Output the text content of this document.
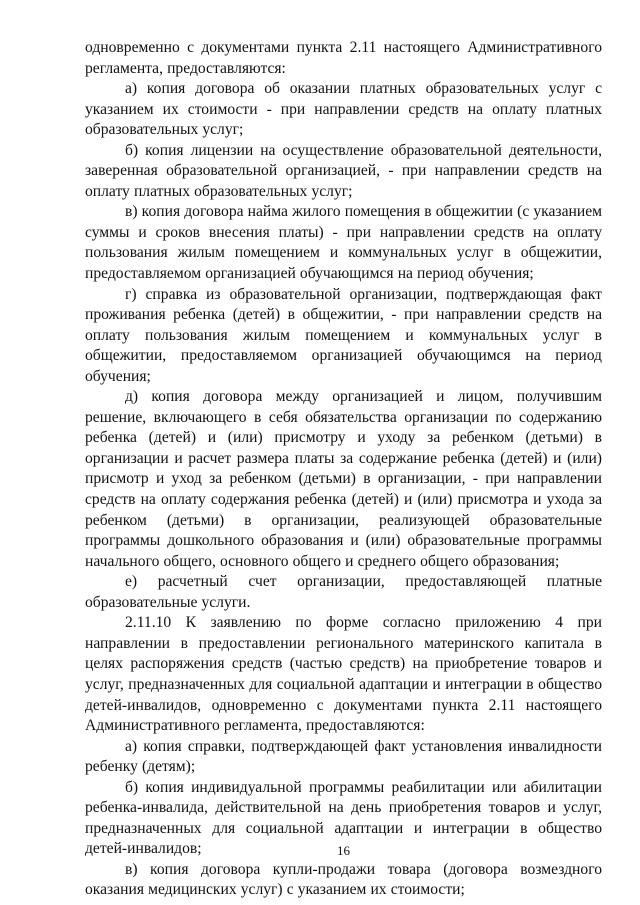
одновременно с документами пункта 2.11 настоящего Административного регламента, предоставляются:

а) копия договора об оказании платных образовательных услуг с указанием их стоимости - при направлении средств на оплату платных образовательных услуг;

б) копия лицензии на осуществление образовательной деятельности, заверенная образовательной организацией, - при направлении средств на оплату платных образовательных услуг;

в) копия договора найма жилого помещения в общежитии (с указанием суммы и сроков внесения платы) - при направлении средств на оплату пользования жилым помещением и коммунальных услуг в общежитии, предоставляемом организацией обучающимся на период обучения;

г) справка из образовательной организации, подтверждающая факт проживания ребенка (детей) в общежитии, - при направлении средств на оплату пользования жилым помещением и коммунальных услуг в общежитии, предоставляемом организацией обучающимся на период обучения;

д) копия договора между организацией и лицом, получившим решение, включающего в себя обязательства организации по содержанию ребенка (детей) и (или) присмотру и уходу за ребенком (детьми) в организации и расчет размера платы за содержание ребенка (детей) и (или) присмотр и уход за ребенком (детьми) в организации, - при направлении средств на оплату содержания ребенка (детей) и (или) присмотра и ухода за ребенком (детьми) в организации, реализующей образовательные программы дошкольного образования и (или) образовательные программы начального общего, основного общего и среднего общего образования;

е) расчетный счет организации, предоставляющей платные образовательные услуги.

2.11.10 К заявлению по форме согласно приложению 4 при направлении в предоставлении регионального материнского капитала в целях распоряжения средств (частью средств) на приобретение товаров и услуг, предназначенных для социальной адаптации и интеграции в общество детей-инвалидов, одновременно с документами пункта 2.11 настоящего Административного регламента, предоставляются:

а) копия справки, подтверждающей факт установления инвалидности ребенку (детям);

б) копия индивидуальной программы реабилитации или абилитации ребенка-инвалида, действительной на день приобретения товаров и услуг, предназначенных для социальной адаптации и интеграции в общество детей-инвалидов;

в) копия договора купли-продажи товара (договора возмездного оказания медицинских услуг) с указанием их стоимости;

16
